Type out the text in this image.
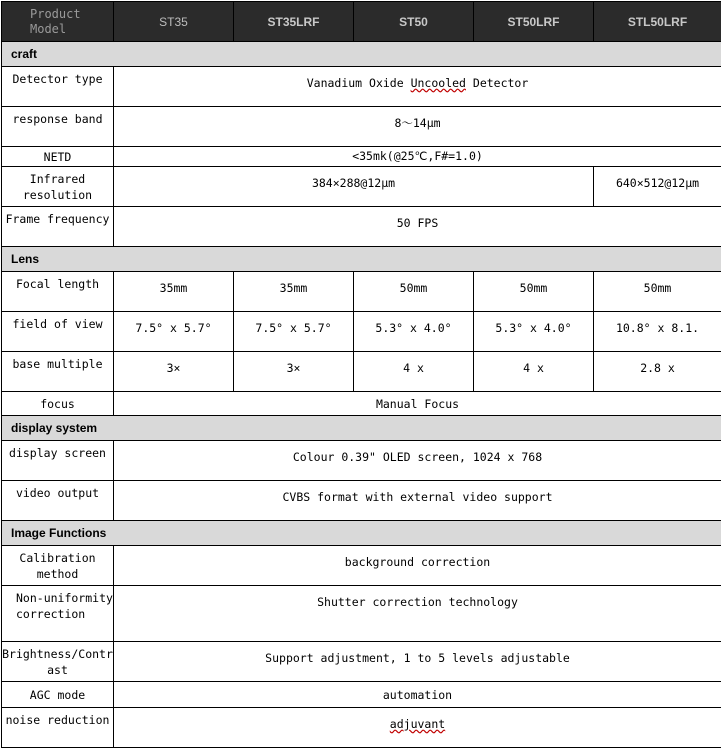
Product Model	ST35	ST35LRF	ST50	ST50LRF	STL50LRF
craft					
Detector type	Vanadium Oxide Uncooled Detector				
response band	8～14μm				
NETD	<35mk(@25℃,F#=1.0)				
Infrared resolution	384×288@12μm				640×512@12μm
Frame frequency	50 FPS				
Lens					
Focal length	35mm	35mm	50mm	50mm	50mm
field of view	7.5° x 5.7°	7.5° x 5.7°	5.3° x 4.0°	5.3° x 4.0°	10.8° x 8.1.
base multiple	3×	3×	4 x	4 x	2.8 x
focus	Manual Focus				
display system					
display screen	Colour 0.39" OLED screen, 1024 x 768				
video output	CVBS format with external video support				
Image Functions					
Calibration method	background correction				
Non-uniformity correction	Shutter correction technology				
Brightness/Contrast	Support adjustment, 1 to 5 levels adjustable				
AGC mode	automation				
noise reduction	adjuvant				
